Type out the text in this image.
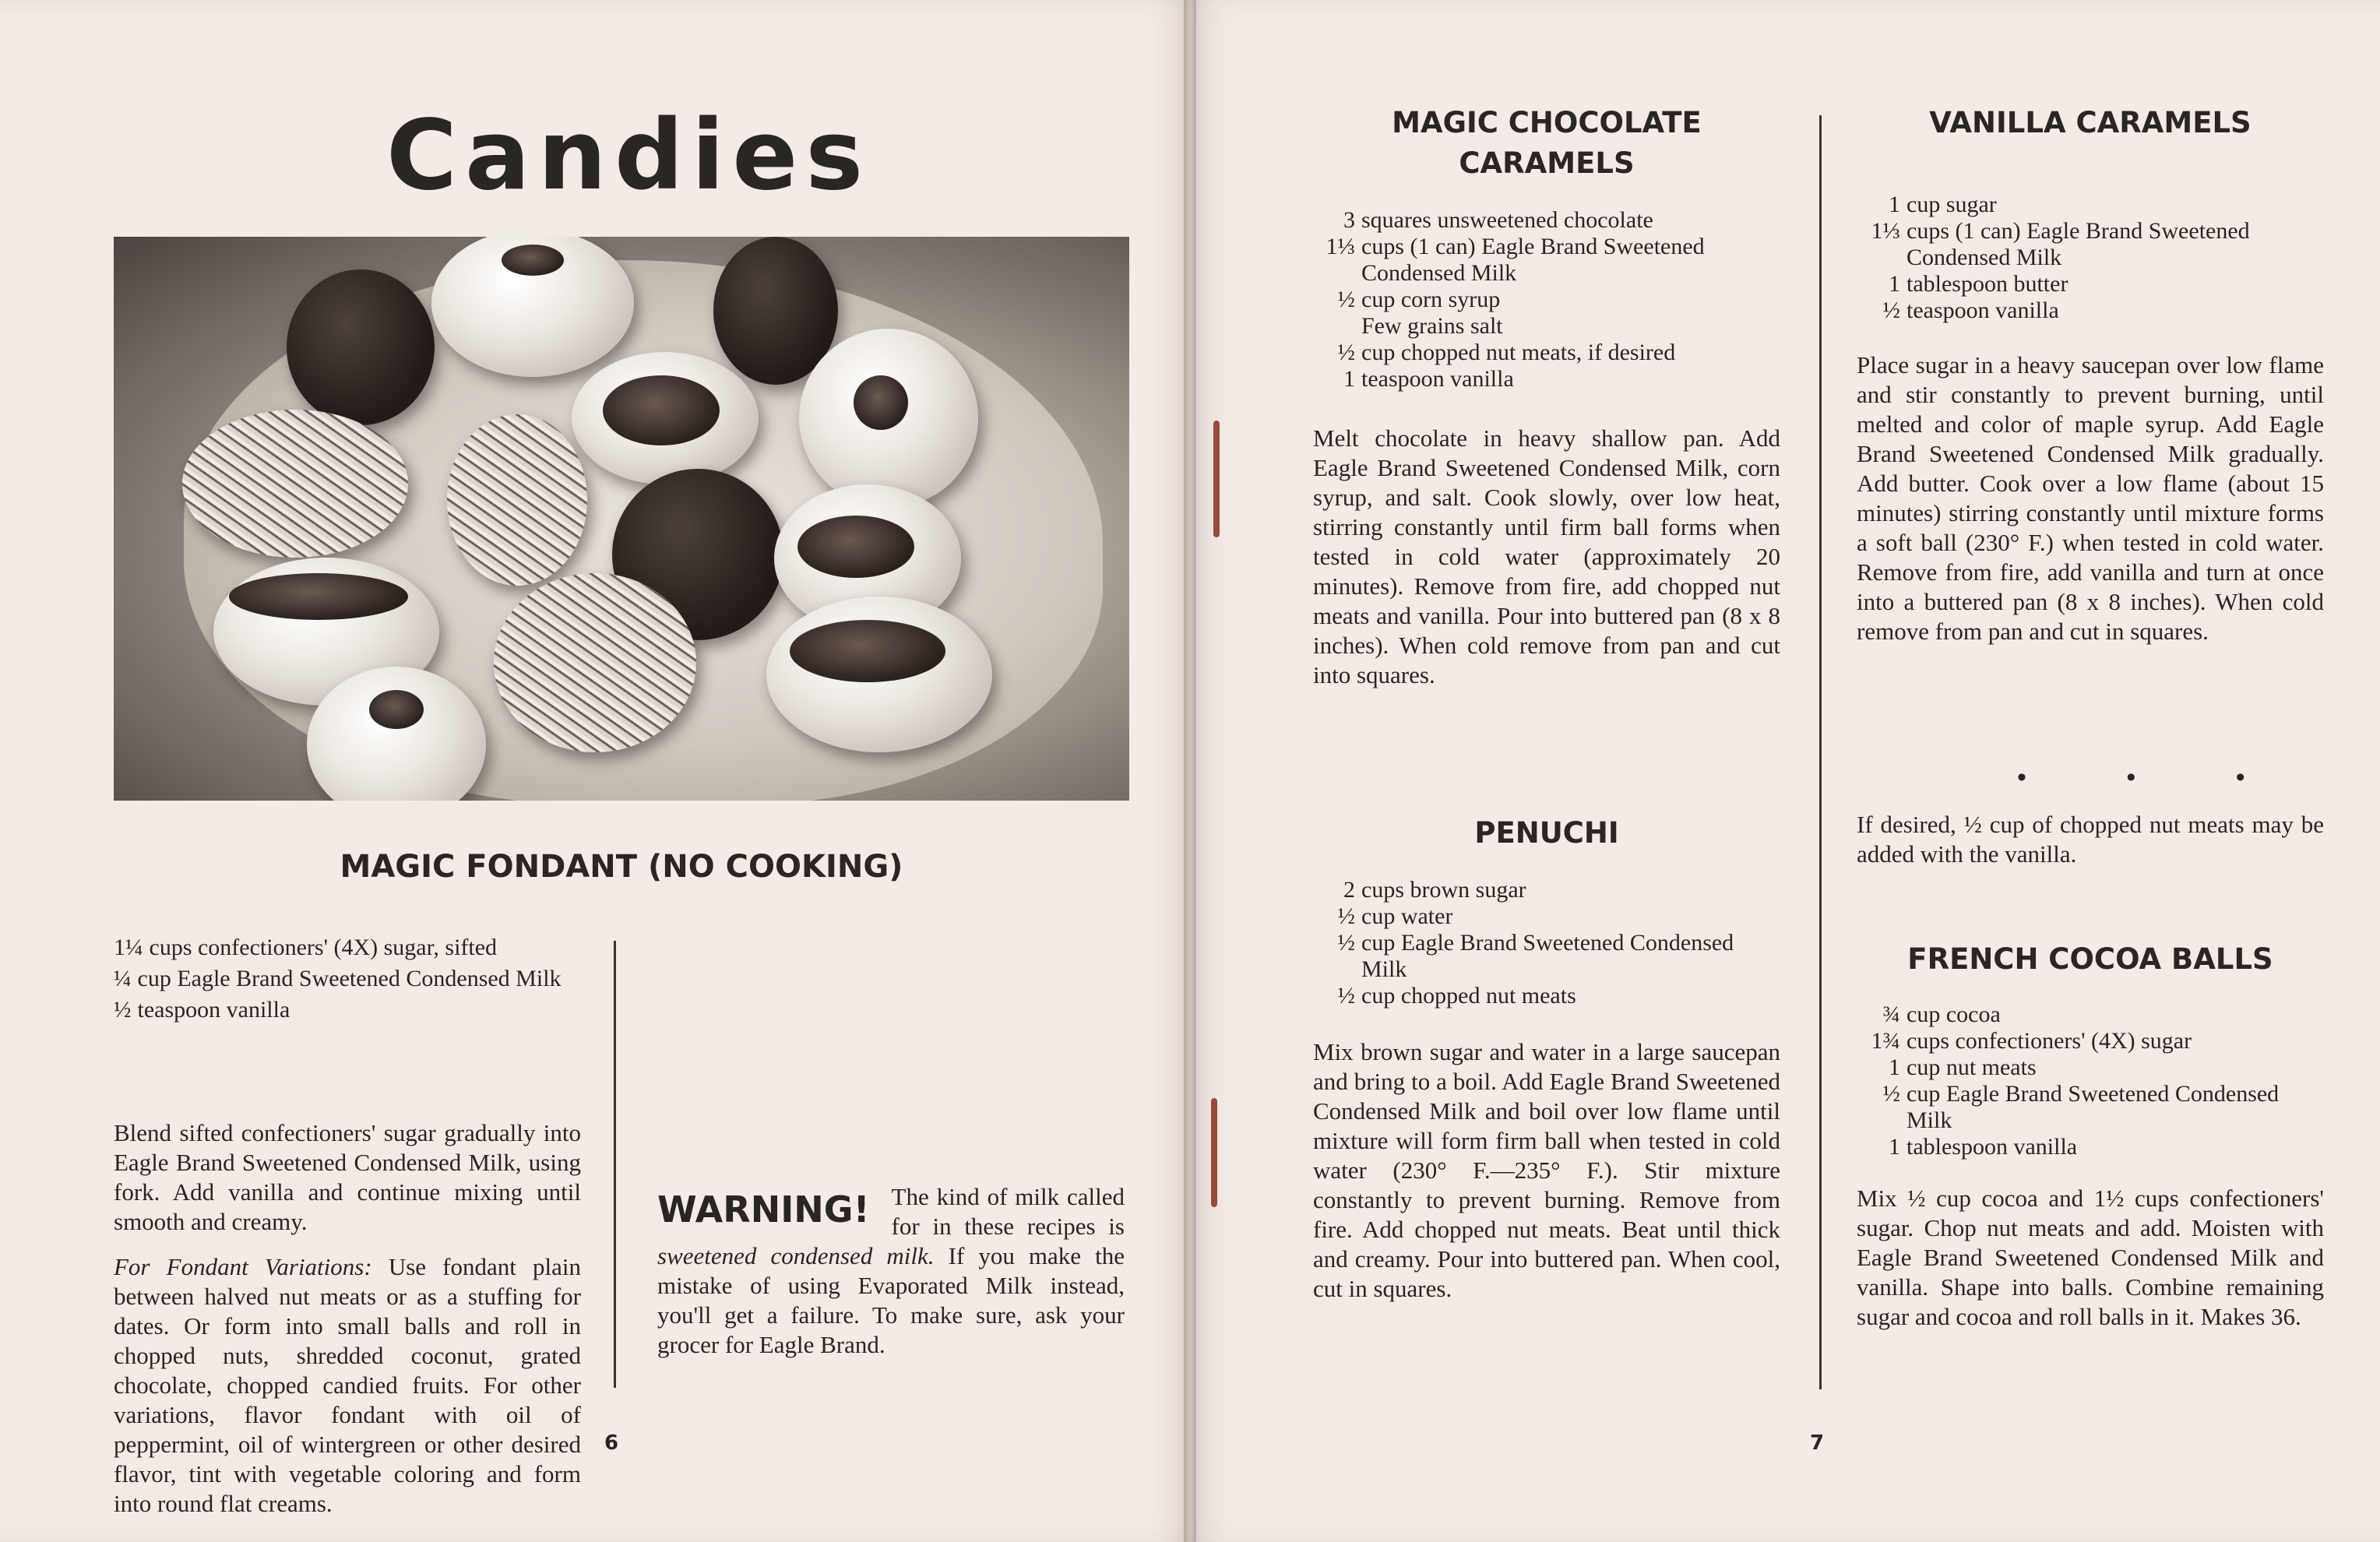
Candies
MAGIC FONDANT (NO COOKING)
1¼ cups confectioners' (4X) sugar, sifted
¼ cup Eagle Brand Sweetened Condensed Milk
½ teaspoon vanilla

Blend sifted confectioners' sugar gradually into Eagle Brand Sweetened Condensed Milk, using fork. Add vanilla and continue mixing until smooth and creamy.

For Fondant Variations: Use fondant plain between halved nut meats or as a stuffing for dates. Or form into small balls and roll in chopped nuts, shredded coconut, grated chocolate, chopped candied fruits. For other variations, flavor fondant with oil of peppermint, oil of wintergreen or other desired flavor, tint with vegetable coloring and form into round flat creams.

WARNING! The kind of milk called for in these recipes is sweetened condensed milk. If you make the mistake of using Evaporated Milk instead, you'll get a failure. To make sure, ask your grocer for Eagle Brand.
6
MAGIC CHOCOLATE
CARAMELS
3 squares unsweetened chocolate
1⅓ cups (1 can) Eagle Brand Sweetened Condensed Milk
½ cup corn syrup
Few grains salt
½ cup chopped nut meats, if desired
1 teaspoon vanilla

Melt chocolate in heavy shallow pan. Add Eagle Brand Sweetened Condensed Milk, corn syrup, and salt. Cook slowly, over low heat, stirring constantly until firm ball forms when tested in cold water (approximately 20 minutes). Remove from fire, add chopped nut meats and vanilla. Pour into buttered pan (8 x 8 inches). When cold remove from pan and cut into squares.

PENUCHI
2 cups brown sugar
½ cup water
½ cup Eagle Brand Sweetened Condensed Milk
½ cup chopped nut meats

Mix brown sugar and water in a large saucepan and bring to a boil. Add Eagle Brand Sweetened Condensed Milk and boil over low flame until mixture will form firm ball when tested in cold water (230° F.—235° F.). Stir mixture constantly to prevent burning. Remove from fire. Add chopped nut meats. Beat until thick and creamy. Pour into buttered pan. When cool, cut in squares.

VANILLA CARAMELS
1 cup sugar
1⅓ cups (1 can) Eagle Brand Sweetened Condensed Milk
1 tablespoon butter
½ teaspoon vanilla

Place sugar in a heavy saucepan over low flame and stir constantly to prevent burning, until melted and color of maple syrup. Add Eagle Brand Sweetened Condensed Milk gradually. Add butter. Cook over a low flame (about 15 minutes) stirring constantly until mixture forms a soft ball (230° F.) when tested in cold water. Remove from fire, add vanilla and turn at once into a buttered pan (8 x 8 inches). When cold remove from pan and cut in squares.

• • •

If desired, ½ cup of chopped nut meats may be added with the vanilla.

FRENCH COCOA BALLS
¾ cup cocoa
1¾ cups confectioners' (4X) sugar
1 cup nut meats
½ cup Eagle Brand Sweetened Condensed Milk
1 tablespoon vanilla

Mix ½ cup cocoa and 1½ cups confectioners' sugar. Chop nut meats and add. Moisten with Eagle Brand Sweetened Condensed Milk and vanilla. Shape into balls. Combine remaining sugar and cocoa and roll balls in it. Makes 36.

7
